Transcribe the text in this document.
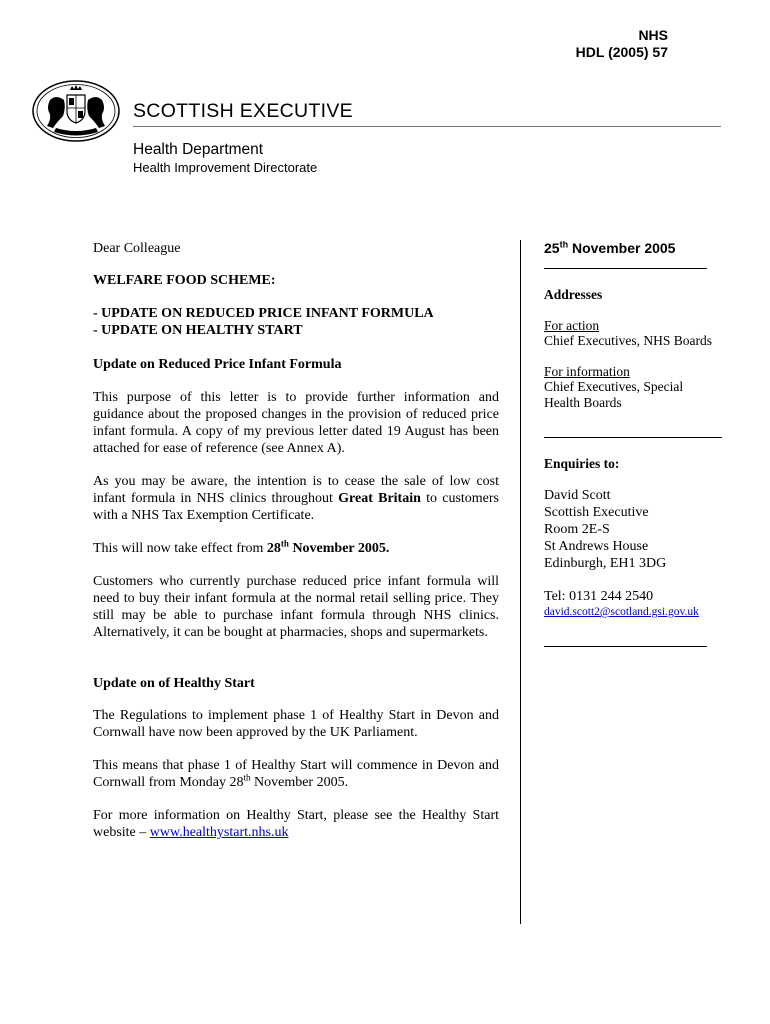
NHS
HDL (2005) 57
SCOTTISH EXECUTIVE
Health Department
Health Improvement Directorate
Dear Colleague
WELFARE FOOD SCHEME:
- UPDATE ON REDUCED PRICE INFANT FORMULA
- UPDATE ON HEALTHY START
Update on Reduced Price Infant Formula
This purpose of this letter is to provide further information and guidance about the proposed changes in the provision of reduced price infant formula. A copy of my previous letter dated 19 August has been attached for ease of reference (see Annex A).
As you may be aware, the intention is to cease the sale of low cost infant formula in NHS clinics throughout Great Britain to customers with a NHS Tax Exemption Certificate.
This will now take effect from 28th November 2005.
Customers who currently purchase reduced price infant formula will need to buy their infant formula at the normal retail selling price. They still may be able to purchase infant formula through NHS clinics. Alternatively, it can be bought at pharmacies, shops and supermarkets.
Update on of Healthy Start
The Regulations to implement phase 1 of Healthy Start in Devon and Cornwall have now been approved by the UK Parliament.
This means that phase 1 of Healthy Start will commence in Devon and Cornwall from Monday 28th November 2005.
For more information on Healthy Start, please see the Healthy Start website – www.healthystart.nhs.uk
25th November 2005
Addresses
For action
Chief Executives, NHS Boards
For information
Chief Executives, Special Health Boards
Enquiries to:
David Scott
Scottish Executive
Room 2E-S
St Andrews House
Edinburgh, EH1 3DG
Tel: 0131 244 2540
david.scott2@scotland.gsi.gov.uk
